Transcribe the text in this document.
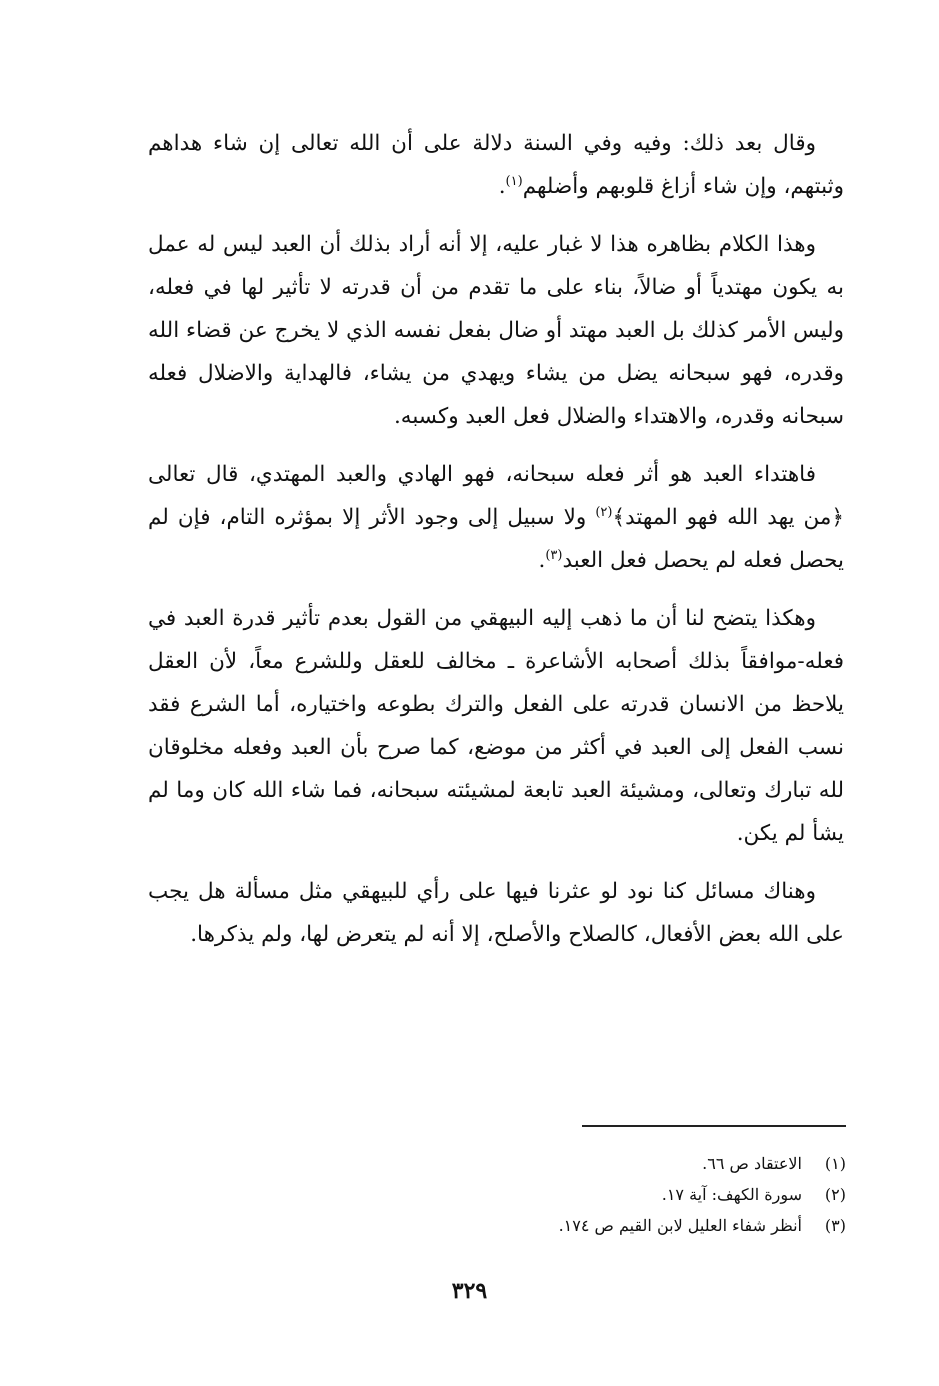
وقال بعد ذلك: وفيه وفي السنة دلالة على أن الله تعالى إن شاء هداهم وثبتهم، وإن شاء أزاغ قلوبهم وأضلهم$^{(١)}$.

وهذا الكلام بظاهره هذا لا غبار عليه، إلا أنه أراد بذلك أن العبد ليس له عمل به يكون مهتدياً أو ضالاً، بناء على ما تقدم من أن قدرته لا تأثير لها في فعله، وليس الأمر كذلك بل العبد مهتد أو ضال بفعل نفسه الذي لا يخرج عن قضاء الله وقدره، فهو سبحانه يضل من يشاء ويهدي من يشاء، فالهداية والاضلال فعله سبحانه وقدره، والاهتداء والضلال فعل العبد وكسبه.

فاهتداء العبد هو أثر فعله سبحانه، فهو الهادي والعبد المهتدي، قال تعالى ﴿من يهد الله فهو المهتد﴾$^{(٢)}$ ولا سبيل إلى وجود الأثر إلا بمؤثره التام، فإن لم يحصل فعله لم يحصل فعل العبد$^{(٣)}$.

وهكذا يتضح لنا أن ما ذهب إليه البيهقي من القول بعدم تأثير قدرة العبد في فعله-موافقاً بذلك أصحابه الأشاعرة ـ مخالف للعقل وللشرع معاً، لأن العقل يلاحظ من الانسان قدرته على الفعل والترك بطوعه واختياره، أما الشرع فقد نسب الفعل إلى العبد في أكثر من موضع، كما صرح بأن العبد وفعله مخلوقان لله تبارك وتعالى، ومشيئة العبد تابعة لمشيئته سبحانه، فما شاء الله كان وما لم يشأ لم يكن.

وهناك مسائل كنا نود لو عثرنا فيها على رأي للبيهقي مثل مسألة هل يجب على الله بعض الأفعال، كالصلاح والأصلح، إلا أنه لم يتعرض لها، ولم يذكرها.

(١)
الاعتقاد ص ٦٦.
(٢)
سورة الكهف: آية ١٧.
(٣)
أنظر شفاء العليل لابن القيم ص ١٧٤.
٣٢٩
